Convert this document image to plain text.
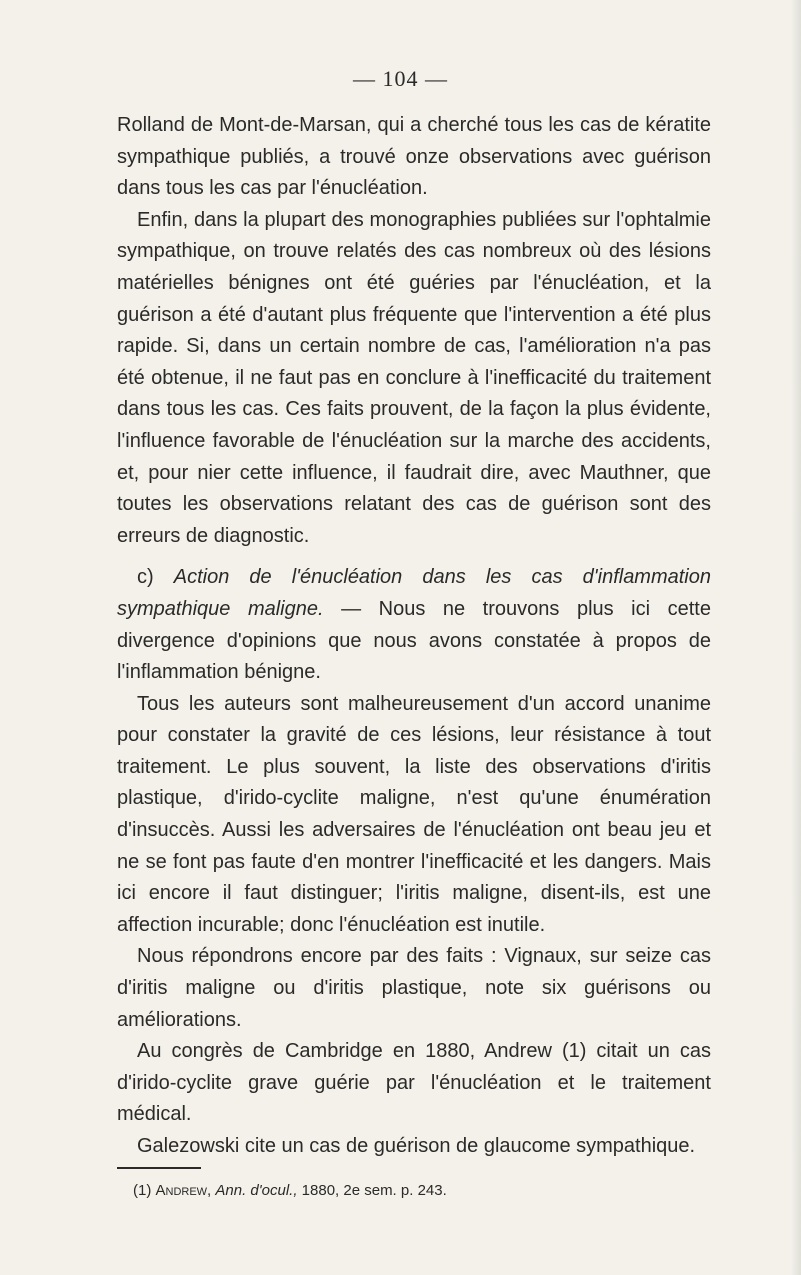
— 104 —

Rolland de Mont-de-Marsan, qui a cherché tous les cas de kératite sympathique publiés, a trouvé onze observations avec guérison dans tous les cas par l'énucléation.

Enfin, dans la plupart des monographies publiées sur l'ophtalmie sympathique, on trouve relatés des cas nombreux où des lésions matérielles bénignes ont été guéries par l'énucléation, et la guérison a été d'autant plus fréquente que l'intervention a été plus rapide. Si, dans un certain nombre de cas, l'amélioration n'a pas été obtenue, il ne faut pas en conclure à l'inefficacité du traitement dans tous les cas. Ces faits prouvent, de la façon la plus évidente, l'influence favorable de l'énucléation sur la marche des accidents, et, pour nier cette influence, il faudrait dire, avec Mauthner, que toutes les observations relatant des cas de guérison sont des erreurs de diagnostic.

c) Action de l'énucléation dans les cas d'inflammation sympathique maligne. — Nous ne trouvons plus ici cette divergence d'opinions que nous avons constatée à propos de l'inflammation bénigne.

Tous les auteurs sont malheureusement d'un accord unanime pour constater la gravité de ces lésions, leur résistance à tout traitement. Le plus souvent, la liste des observations d'iritis plastique, d'irido-cyclite maligne, n'est qu'une énumération d'insuccès. Aussi les adversaires de l'énucléation ont beau jeu et ne se font pas faute d'en montrer l'inefficacité et les dangers. Mais ici encore il faut distinguer; l'iritis maligne, disent-ils, est une affection incurable; donc l'énucléation est inutile.

Nous répondrons encore par des faits : Vignaux, sur seize cas d'iritis maligne ou d'iritis plastique, note six guérisons ou améliorations.

Au congrès de Cambridge en 1880, Andrew (1) citait un cas d'irido-cyclite grave guérie par l'énucléation et le traitement médical.

Galezowski cite un cas de guérison de glaucome sympathique.

(1) Andrew, Ann. d'ocul., 1880, 2e sem. p. 243.
